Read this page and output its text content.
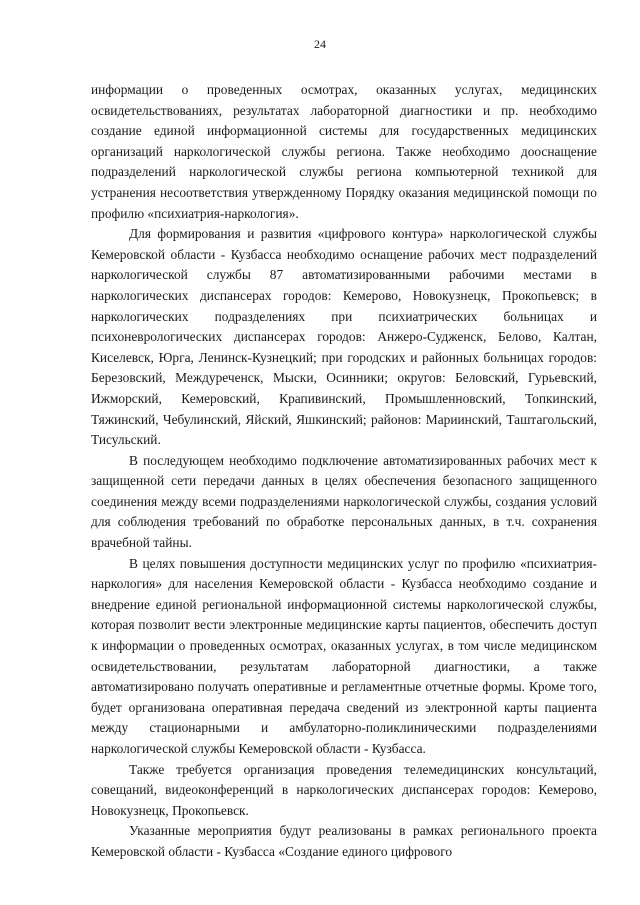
24

информации о проведенных осмотрах, оказанных услугах, медицинских освидетельствованиях, результатах лабораторной диагностики и пр. необходимо создание единой информационной системы для государственных медицинских организаций наркологической службы региона. Также необходимо дооснащение подразделений наркологической службы региона компьютерной техникой для устранения несоответствия утвержденному Порядку оказания медицинской помощи по профилю «психиатрия-наркология».

Для формирования и развития «цифрового контура» наркологической службы Кемеровской области - Кузбасса необходимо оснащение рабочих мест подразделений наркологической службы 87 автоматизированными рабочими местами в наркологических диспансерах городов: Кемерово, Новокузнецк, Прокопьевск; в наркологических подразделениях при психиатрических больницах и психоневрологических диспансерах городов: Анжеро-Судженск, Белово, Калтан, Киселевск, Юрга, Ленинск-Кузнецкий; при городских и районных больницах городов: Березовский, Междуреченск, Мыски, Осинники; округов: Беловский, Гурьевский, Ижморский, Кемеровский, Крапивинский, Промышленновский, Топкинский, Тяжинский, Чебулинский, Яйский, Яшкинский; районов: Мариинский, Таштагольский, Тисульский.

В последующем необходимо подключение автоматизированных рабочих мест к защищенной сети передачи данных в целях обеспечения безопасного защищенного соединения между всеми подразделениями наркологической службы, создания условий для соблюдения требований по обработке персональных данных, в т.ч. сохранения врачебной тайны.

В целях повышения доступности медицинских услуг по профилю «психиатрия-наркология» для населения Кемеровской области - Кузбасса необходимо создание и внедрение единой региональной информационной системы наркологической службы, которая позволит вести электронные медицинские карты пациентов, обеспечить доступ к информации о проведенных осмотрах, оказанных услугах, в том числе медицинском освидетельствовании, результатам лабораторной диагностики, а также автоматизировано получать оперативные и регламентные отчетные формы. Кроме того, будет организована оперативная передача сведений из электронной карты пациента между стационарными и амбулаторно-поликлиническими подразделениями наркологической службы Кемеровской области - Кузбасса.

Также требуется организация проведения телемедицинских консультаций, совещаний, видеоконференций в наркологических диспансерах городов: Кемерово, Новокузнецк, Прокопьевск.

Указанные мероприятия будут реализованы в рамках регионального проекта Кемеровской области - Кузбасса «Создание единого цифрового
